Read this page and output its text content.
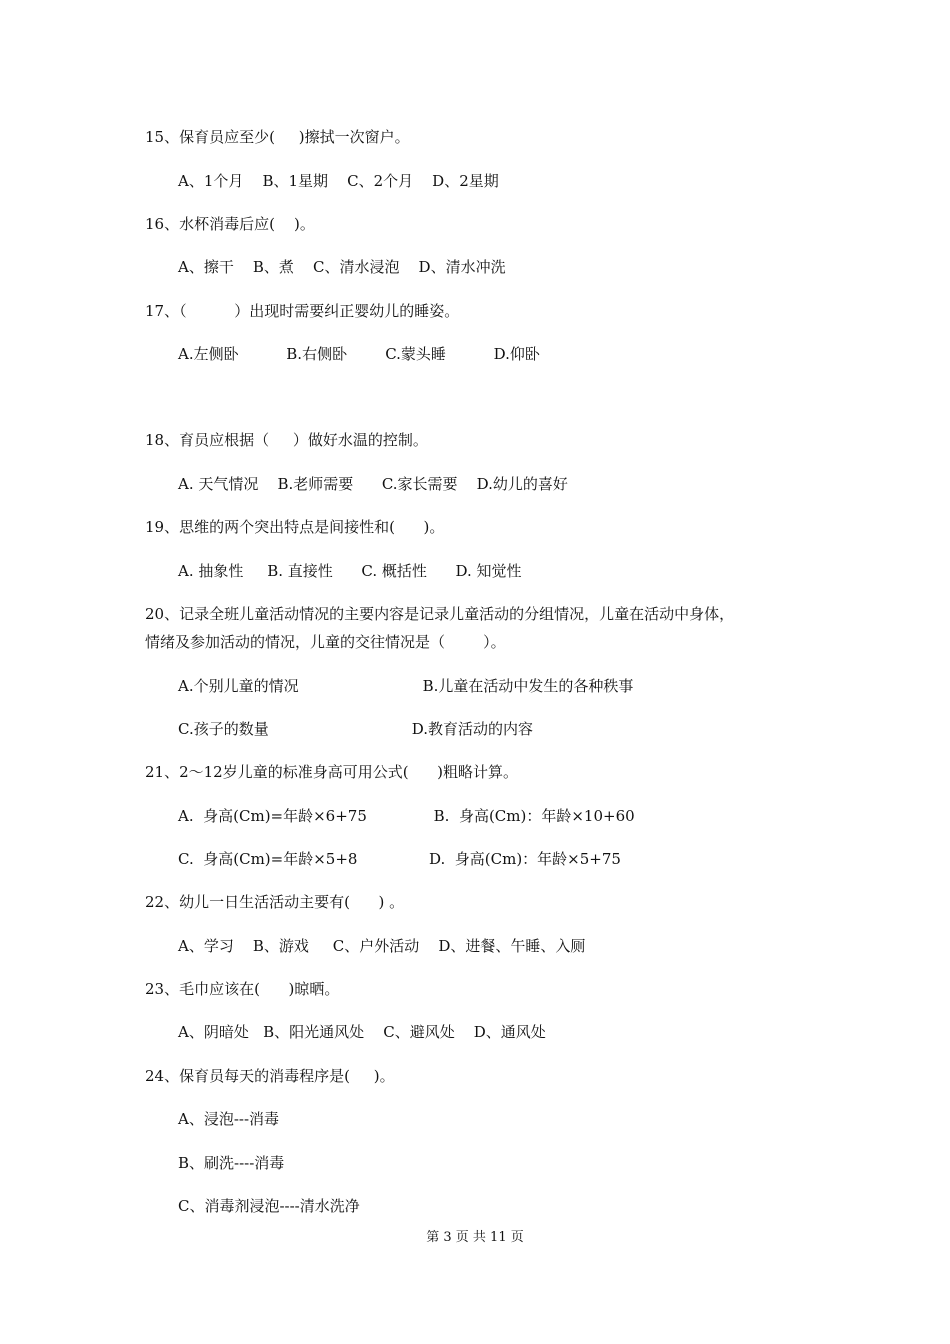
15、保育员应至少(     )擦拭一次窗户。
A、1个月    B、1星期    C、2个月    D、2星期
16、水杯消毒后应(    )。
A、擦干    B、煮    C、清水浸泡    D、清水冲洗
17、（          ）出现时需要纠正婴幼儿的睡姿。
A.左侧卧          B.右侧卧        C.蒙头睡          D.仰卧
18、育员应根据（     ）做好水温的控制。
A. 天气情况    B.老师需要      C.家长需要    D.幼儿的喜好
19、思维的两个突出特点是间接性和(      )。
A. 抽象性     B. 直接性      C. 概括性      D. 知觉性
20、记录全班儿童活动情况的主要内容是记录儿童活动的分组情况，儿童在活动中身体，
情绪及参加活动的情况，儿童的交往情况是（        ）。
A.个别儿童的情况                          B.儿童在活动中发生的各种秩事
C.孩子的数量                              D.教育活动的内容
21、2～12岁儿童的标准身高可用公式(      )粗略计算。
A.  身高(Cm)=年龄×6+75              B.  身高(Cm)：年龄×10+60
C.  身高(Cm)=年龄×5+8               D.  身高(Cm)：年龄×5+75
22、幼儿一日生活活动主要有(      ) 。
A、学习    B、游戏     C、户外活动    D、进餐、午睡、入厕
23、毛巾应该在(      )晾晒。
A、阴暗处   B、阳光通风处    C、避风处    D、通风处
24、保育员每天的消毒程序是(     )。
A、浸泡---消毒
B、刷洗----消毒
C、消毒剂浸泡----清水洗净
第 3 页 共 11 页
